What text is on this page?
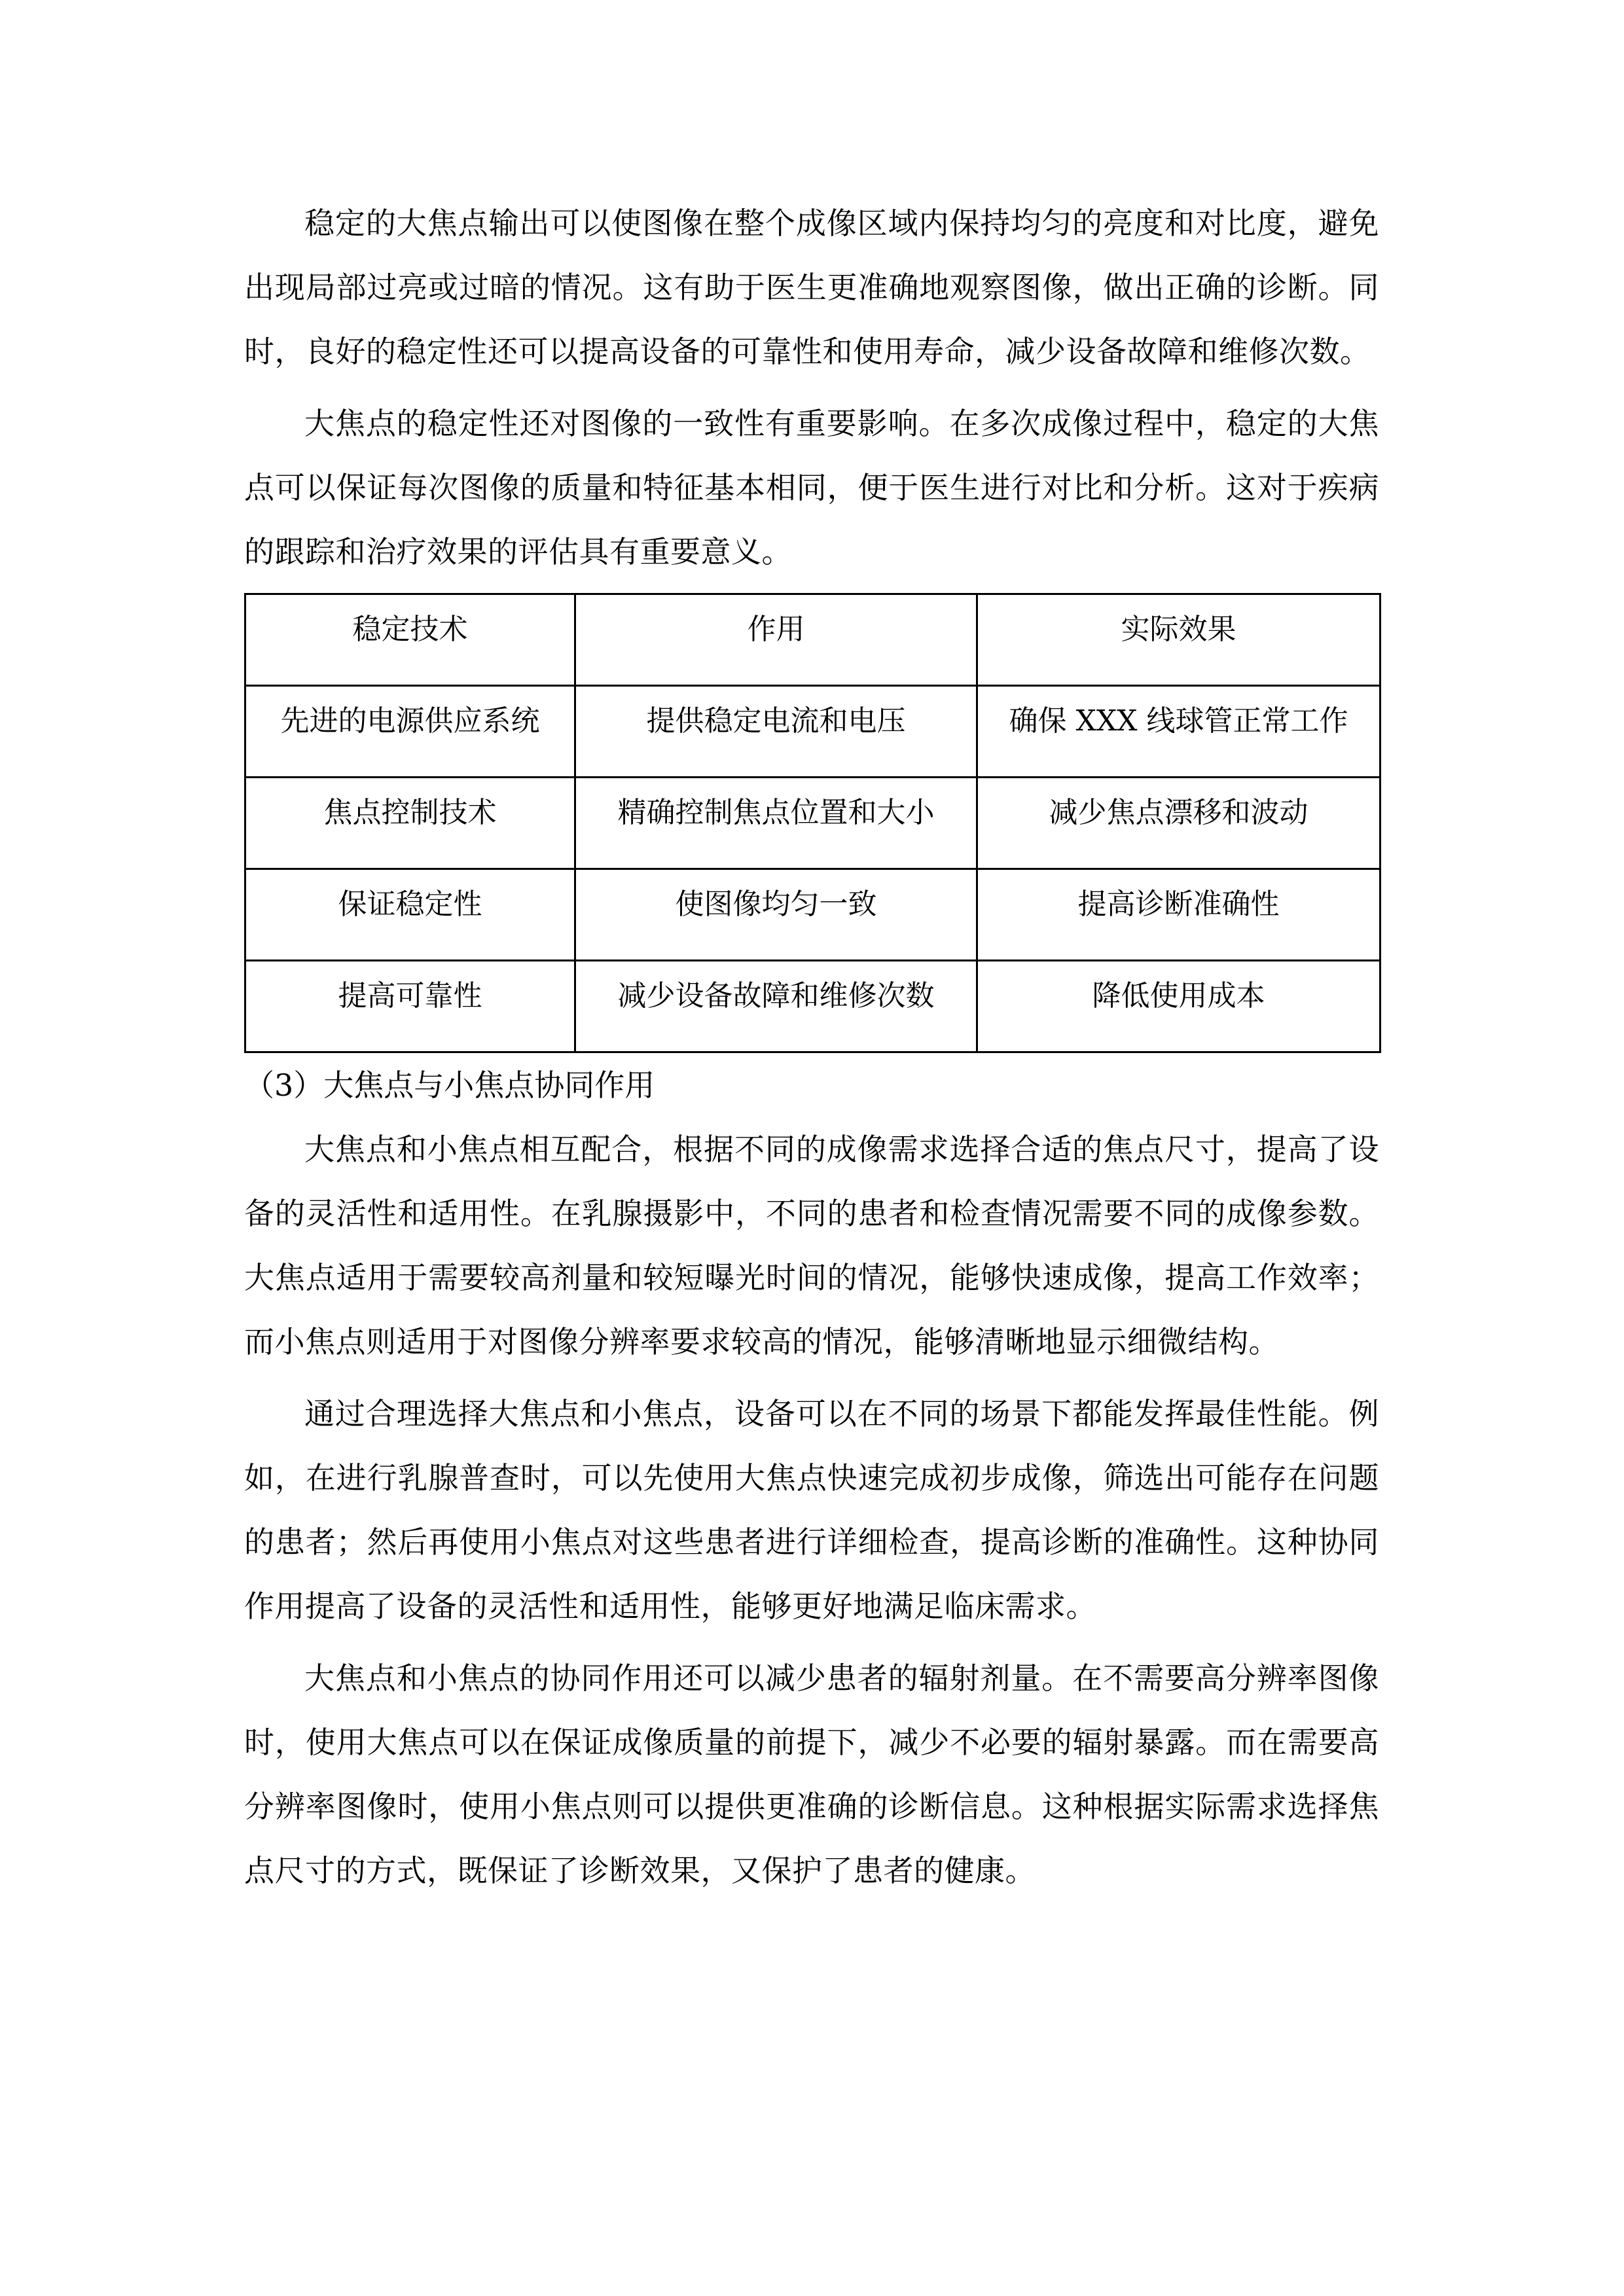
稳定的大焦点输出可以使图像在整个成像区域内保持均匀的亮度和对比度，避免出现局部过亮或过暗的情况。这有助于医生更准确地观察图像，做出正确的诊断。同时，良好的稳定性还可以提高设备的可靠性和使用寿命，减少设备故障和维修次数。

大焦点的稳定性还对图像的一致性有重要影响。在多次成像过程中，稳定的大焦点可以保证每次图像的质量和特征基本相同，便于医生进行对比和分析。这对于疾病的跟踪和治疗效果的评估具有重要意义。

稳定技术	作用	实际效果
先进的电源供应系统	提供稳定电流和电压	确保 XXX 线球管正常工作
焦点控制技术	精确控制焦点位置和大小	减少焦点漂移和波动
保证稳定性	使图像均匀一致	提高诊断准确性
提高可靠性	减少设备故障和维修次数	降低使用成本

（3）大焦点与小焦点协同作用

大焦点和小焦点相互配合，根据不同的成像需求选择合适的焦点尺寸，提高了设备的灵活性和适用性。在乳腺摄影中，不同的患者和检查情况需要不同的成像参数。大焦点适用于需要较高剂量和较短曝光时间的情况，能够快速成像，提高工作效率；而小焦点则适用于对图像分辨率要求较高的情况，能够清晰地显示细微结构。

通过合理选择大焦点和小焦点，设备可以在不同的场景下都能发挥最佳性能。例如，在进行乳腺普查时，可以先使用大焦点快速完成初步成像，筛选出可能存在问题的患者；然后再使用小焦点对这些患者进行详细检查，提高诊断的准确性。这种协同作用提高了设备的灵活性和适用性，能够更好地满足临床需求。

大焦点和小焦点的协同作用还可以减少患者的辐射剂量。在不需要高分辨率图像时，使用大焦点可以在保证成像质量的前提下，减少不必要的辐射暴露。而在需要高分辨率图像时，使用小焦点则可以提供更准确的诊断信息。这种根据实际需求选择焦点尺寸的方式，既保证了诊断效果，又保护了患者的健康。
